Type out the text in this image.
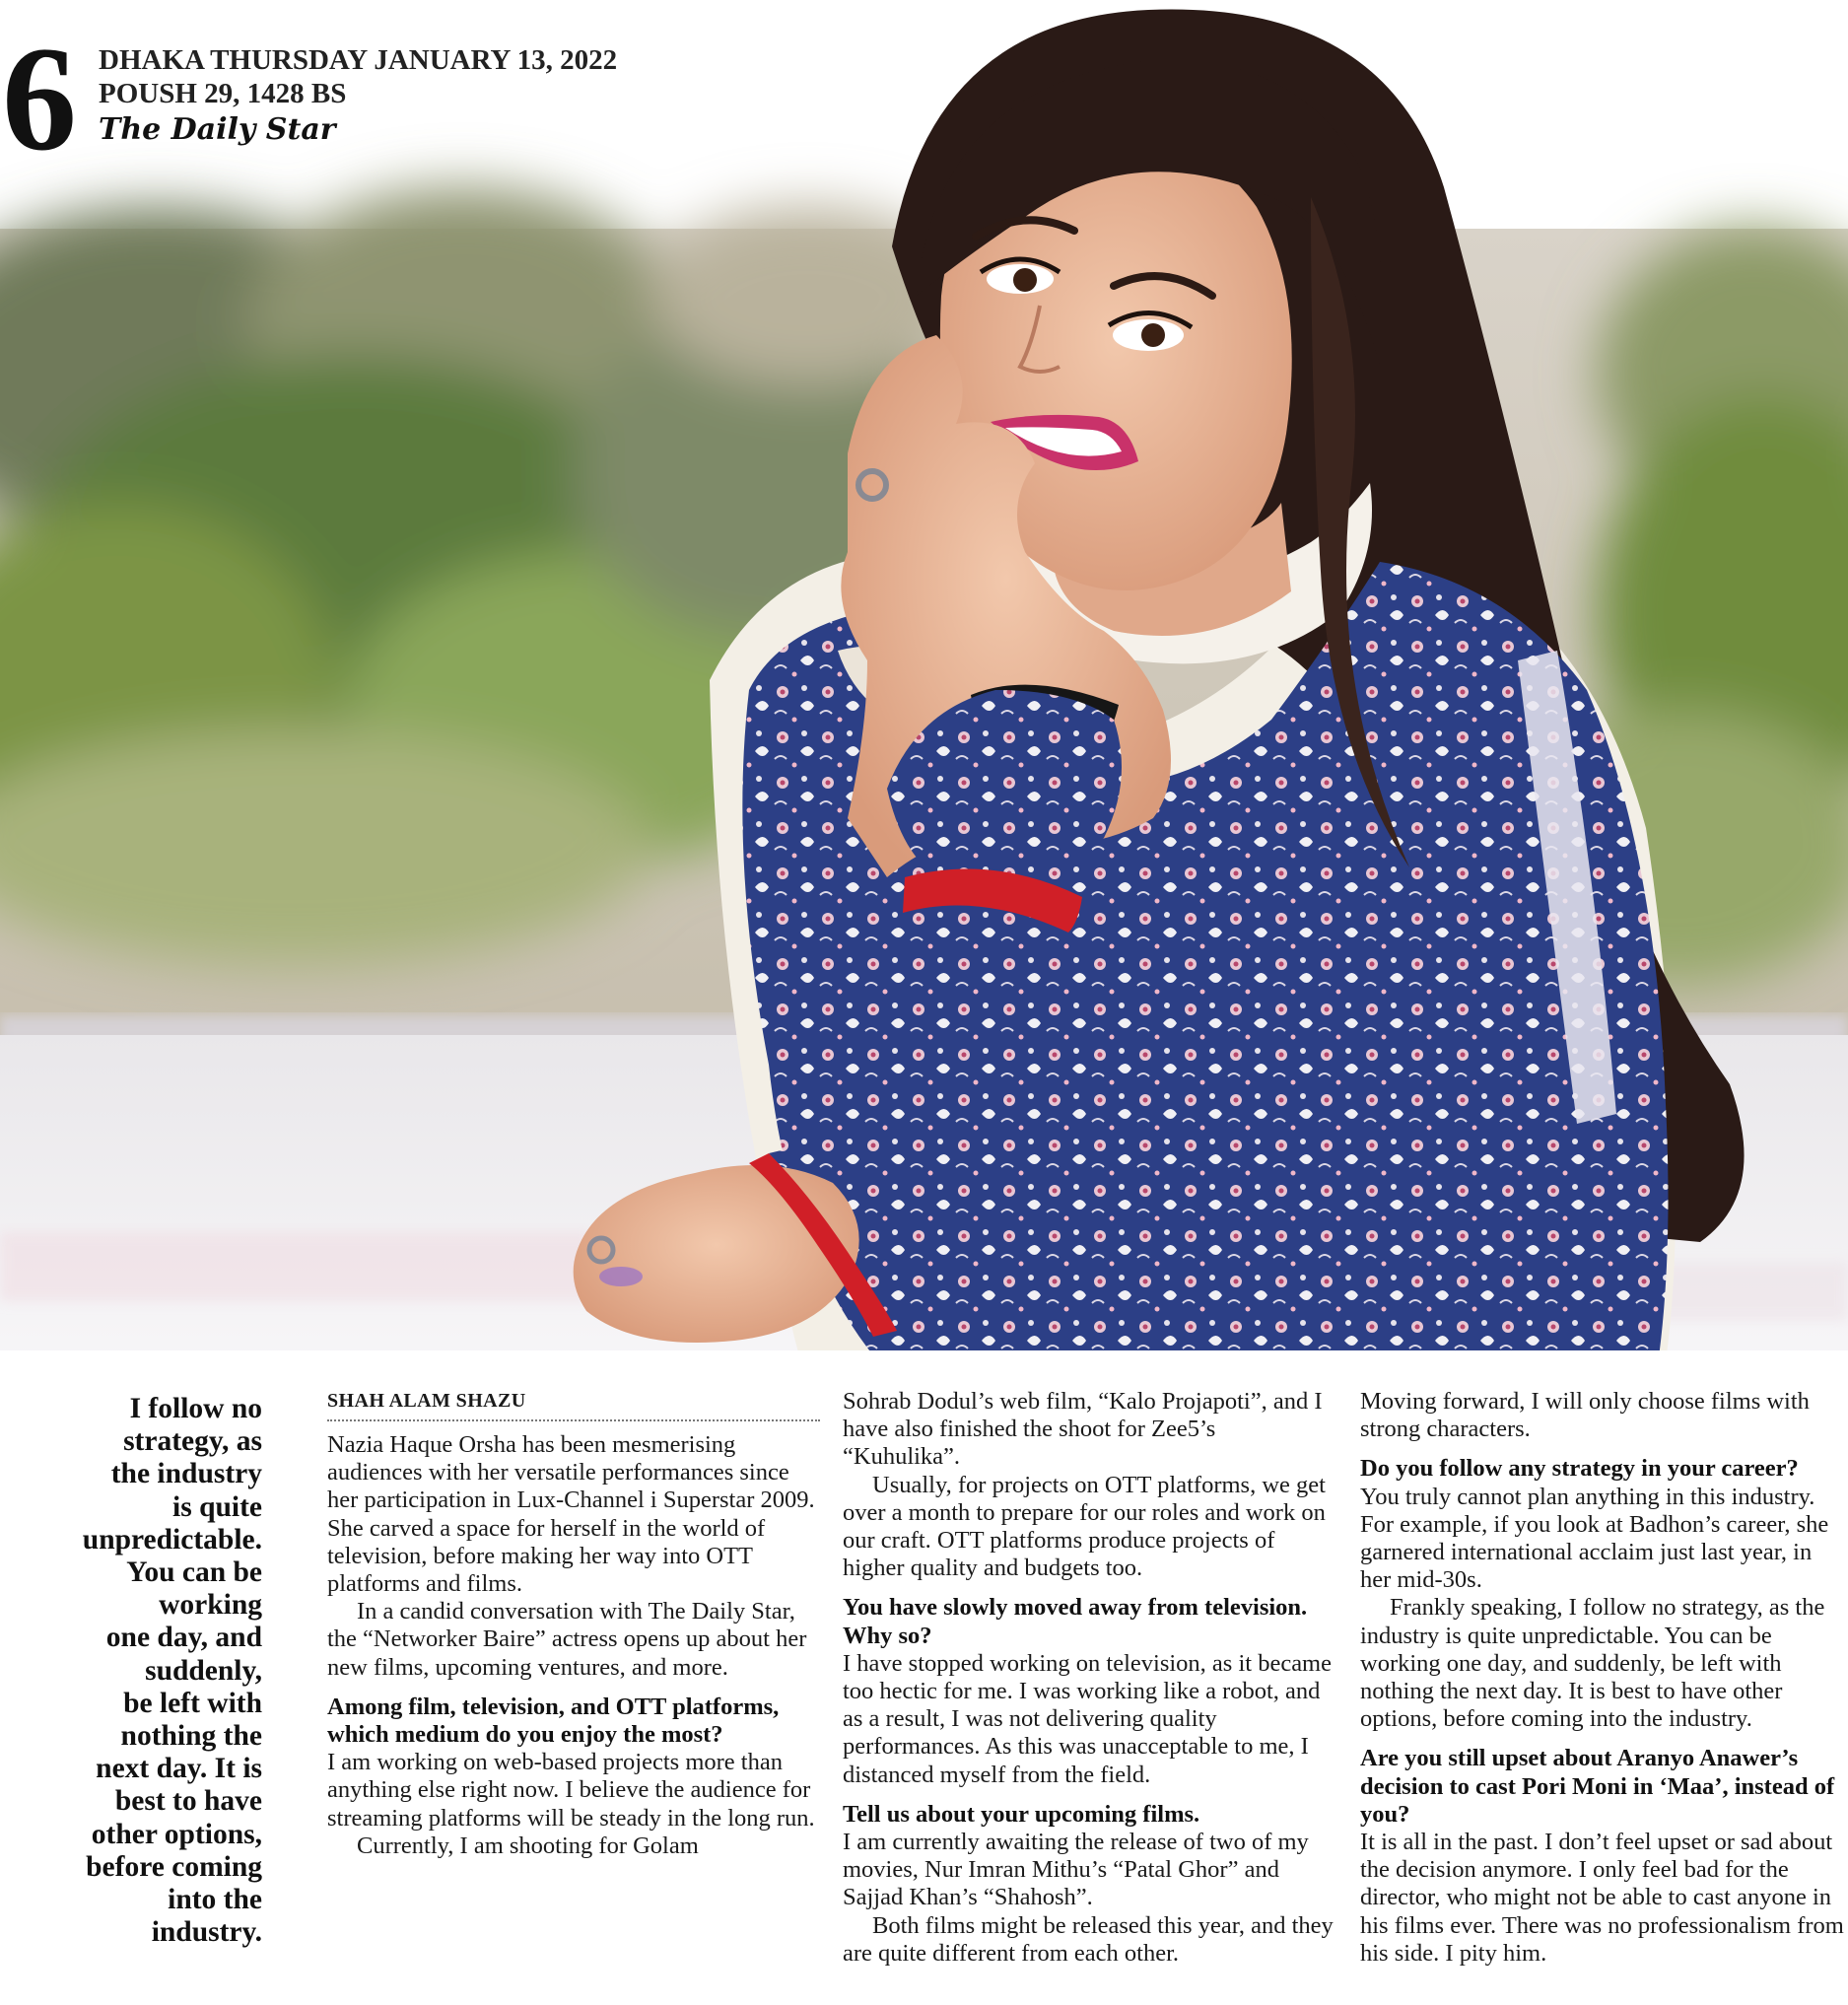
6 DHAKA THURSDAY JANUARY 13, 2022
POUSH 29, 1428 BS
The Daily Star
I follow no
strategy, as
the industry
is quite
unpredictable.
You can be
working
one day, and
suddenly,
be left with
nothing the
next day. It is
best to have
other options,
before coming
into the
industry.
SHAH ALAM SHAZU

Nazia Haque Orsha has been mesmerising audiences with her versatile performances since her participation in Lux-Channel i Superstar 2009. She carved a space for herself in the world of television, before making her way into OTT platforms and films.

In a candid conversation with The Daily Star, the “Networker Baire” actress opens up about her new films, upcoming ventures, and more.

Among film, television, and OTT platforms, which medium do you enjoy the most?

I am working on web-based projects more than anything else right now. I believe the audience for streaming platforms will be steady in the long run.

Currently, I am shooting for Golam

Sohrab Dodul’s web film, “Kalo Projapoti”, and I have also finished the shoot for Zee5’s “Kuhulika”.

Usually, for projects on OTT platforms, we get over a month to prepare for our roles and work on our craft. OTT platforms produce projects of higher quality and budgets too.

You have slowly moved away from television. Why so?

I have stopped working on television, as it became too hectic for me. I was working like a robot, and as a result, I was not delivering quality performances. As this was unacceptable to me, I distanced myself from the field.

Tell us about your upcoming films.

I am currently awaiting the release of two of my movies, Nur Imran Mithu’s “Patal Ghor” and Sajjad Khan’s “Shahosh”.

Both films might be released this year, and they are quite different from each other.

Moving forward, I will only choose films with strong characters.

Do you follow any strategy in your career?

You truly cannot plan anything in this industry. For example, if you look at Badhon’s career, she garnered international acclaim just last year, in her mid-30s.

Frankly speaking, I follow no strategy, as the industry is quite unpredictable. You can be working one day, and suddenly, be left with nothing the next day. It is best to have other options, before coming into the industry.

Are you still upset about Aranyo Anawer’s decision to cast Pori Moni in ‘Maa’, instead of you?

It is all in the past. I don’t feel upset or sad about the decision anymore. I only feel bad for the director, who might not be able to cast anyone in his films ever. There was no professionalism from his side. I pity him.
